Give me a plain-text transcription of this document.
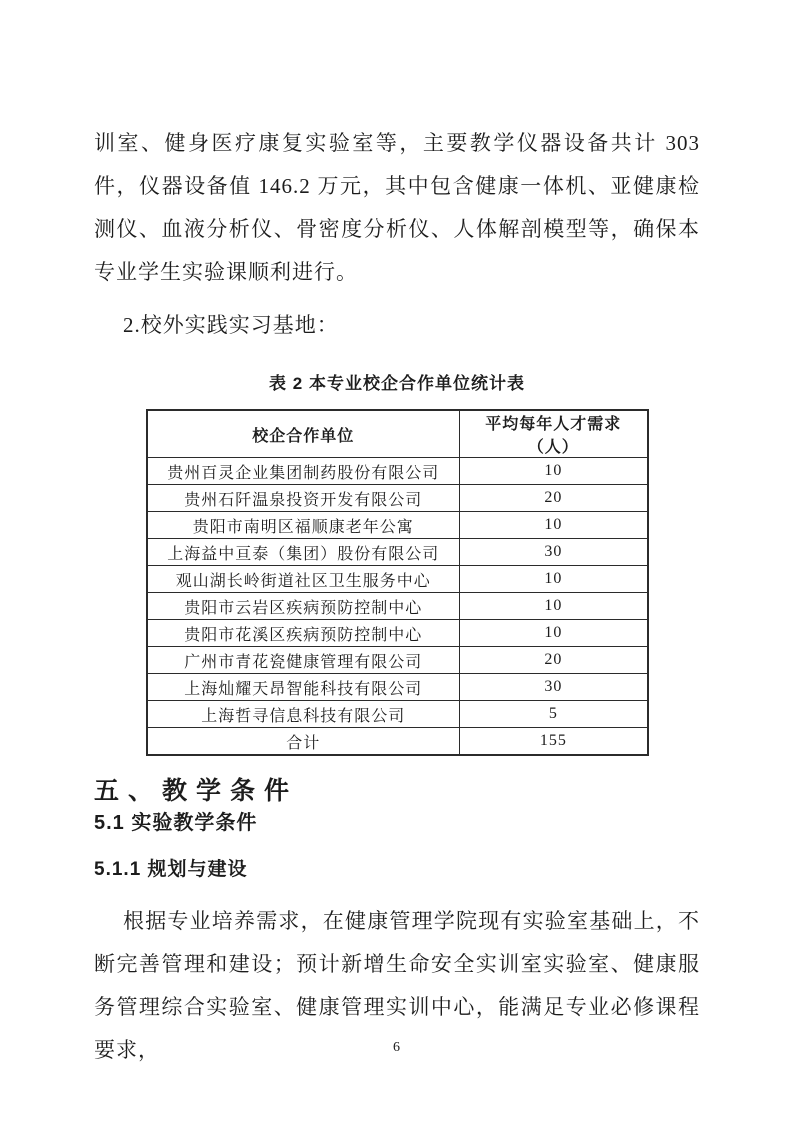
训室、健身医疗康复实验室等，主要教学仪器设备共计 303 件，仪器设备值 146.2 万元，其中包含健康一体机、亚健康检测仪、血液分析仪、骨密度分析仪、人体解剖模型等，确保本专业学生实验课顺利进行。

2.校外实践实习基地：

表 2 本专业校企合作单位统计表
校企合作单位	平均每年人才需求（人）
贵州百灵企业集团制药股份有限公司	10
贵州石阡温泉投资开发有限公司	20
贵阳市南明区福顺康老年公寓	10
上海益中亘泰（集团）股份有限公司	30
观山湖长岭街道社区卫生服务中心	10
贵阳市云岩区疾病预防控制中心	10
贵阳市花溪区疾病预防控制中心	10
广州市青花瓷健康管理有限公司	20
上海灿耀天昂智能科技有限公司	30
上海哲寻信息科技有限公司	5
合计	155
五、教学条件
5.1 实验教学条件
5.1.1 规划与建设

根据专业培养需求，在健康管理学院现有实验室基础上，不断完善管理和建设；预计新增生命安全实训室实验室、健康服务管理综合实验室、健康管理实训中心，能满足专业必修课程要求，	6
